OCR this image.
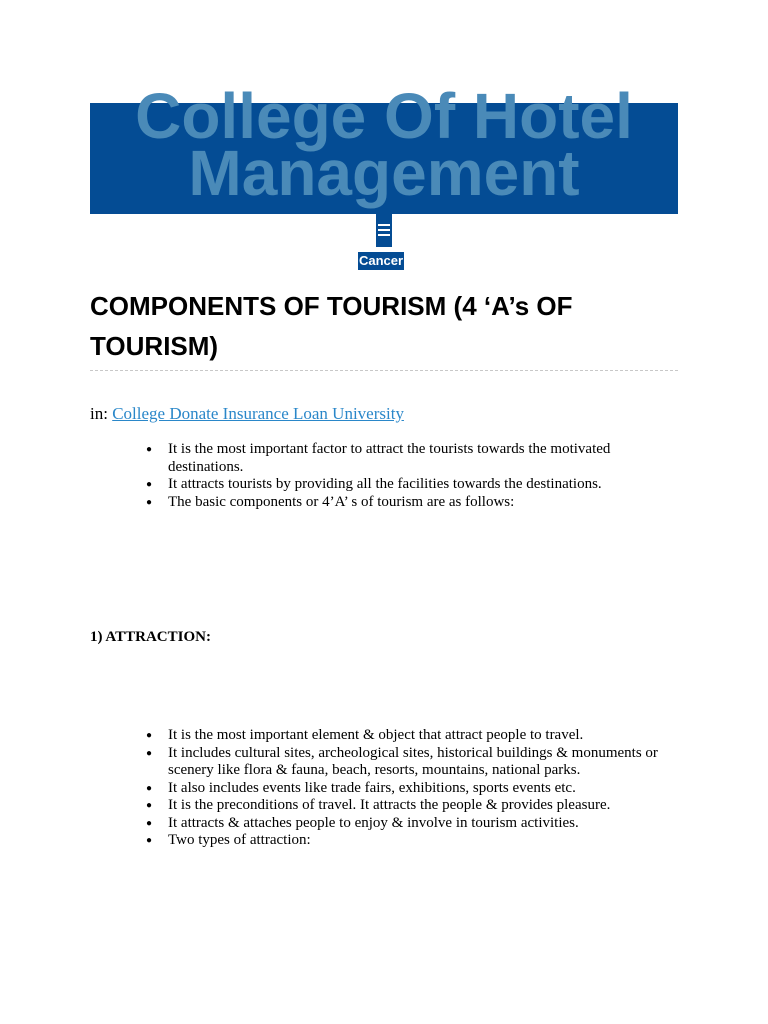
College Of Hotel
Management
Cancer
COMPONENTS OF TOURISM (4 ‘A’s OF TOURISM)
in: College Donate Insurance Loan University
● It is the most important factor to attract the tourists towards the motivated destinations.
● It attracts tourists by providing all the facilities towards the destinations.
● The basic components or 4’A’ s of tourism are as follows:
1) ATTRACTION:
● It is the most important element & object that attract people to travel.
● It includes cultural sites, archeological sites, historical buildings & monuments or scenery like flora & fauna, beach, resorts, mountains, national parks.
● It also includes events like trade fairs, exhibitions, sports events etc.
● It is the preconditions of travel. It attracts the people & provides pleasure.
● It attracts & attaches people to enjoy & involve in tourism activities.
● Two types of attraction:
